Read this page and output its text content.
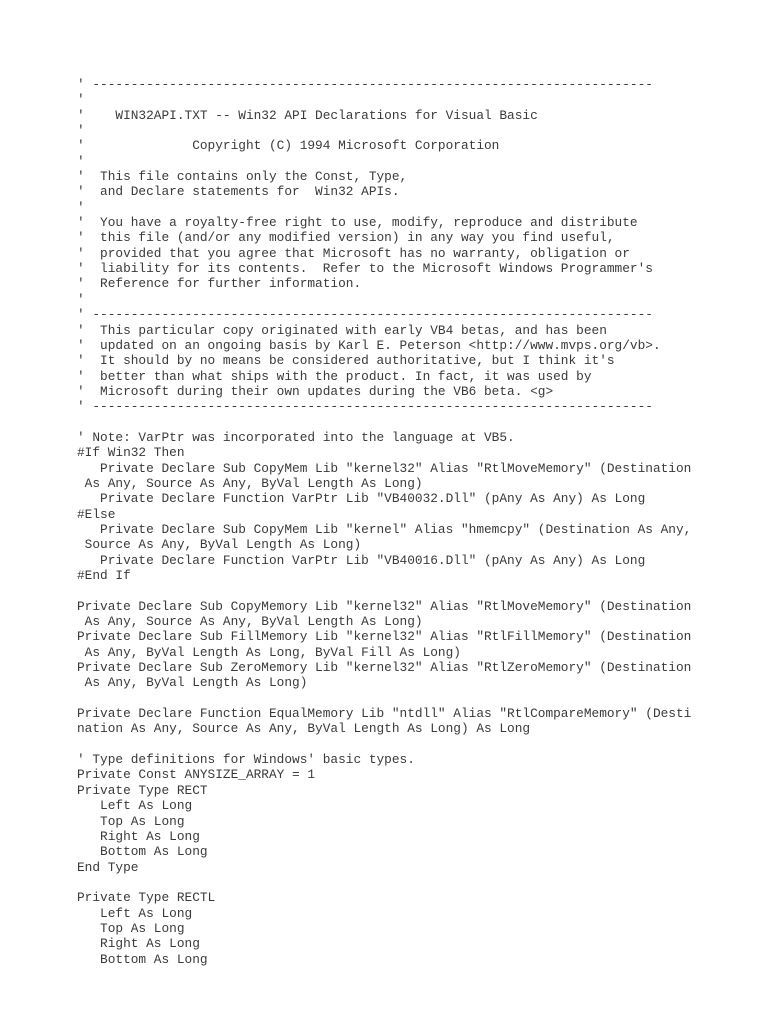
' -------------------------------------------------------------------------
'
'    WIN32API.TXT -- Win32 API Declarations for Visual Basic
'
'              Copyright (C) 1994 Microsoft Corporation
'
'  This file contains only the Const, Type,
'  and Declare statements for  Win32 APIs.
'
'  You have a royalty-free right to use, modify, reproduce and distribute
'  this file (and/or any modified version) in any way you find useful,
'  provided that you agree that Microsoft has no warranty, obligation or
'  liability for its contents.  Refer to the Microsoft Windows Programmer's
'  Reference for further information.
'
' -------------------------------------------------------------------------
'  This particular copy originated with early VB4 betas, and has been
'  updated on an ongoing basis by Karl E. Peterson <http://www.mvps.org/vb>.
'  It should by no means be considered authoritative, but I think it's
'  better than what ships with the product. In fact, it was used by
'  Microsoft during their own updates during the VB6 beta. <g>
' -------------------------------------------------------------------------
' Note: VarPtr was incorporated into the language at VB5.
#If Win32 Then
Private Declare Sub CopyMem Lib "kernel32" Alias "RtlMoveMemory" (Destination
As Any, Source As Any, ByVal Length As Long)
Private Declare Function VarPtr Lib "VB40032.Dll" (pAny As Any) As Long
#Else
Private Declare Sub CopyMem Lib "kernel" Alias "hmemcpy" (Destination As Any,
Source As Any, ByVal Length As Long)
Private Declare Function VarPtr Lib "VB40016.Dll" (pAny As Any) As Long
#End If
Private Declare Sub CopyMemory Lib "kernel32" Alias "RtlMoveMemory" (Destination
As Any, Source As Any, ByVal Length As Long)
Private Declare Sub FillMemory Lib "kernel32" Alias "RtlFillMemory" (Destination
As Any, ByVal Length As Long, ByVal Fill As Long)
Private Declare Sub ZeroMemory Lib "kernel32" Alias "RtlZeroMemory" (Destination
As Any, ByVal Length As Long)
Private Declare Function EqualMemory Lib "ntdll" Alias "RtlCompareMemory" (Desti
nation As Any, Source As Any, ByVal Length As Long) As Long
' Type definitions for Windows' basic types.
Private Const ANYSIZE_ARRAY = 1
Private Type RECT
Left As Long
Top As Long
Right As Long
Bottom As Long
End Type
Private Type RECTL
Left As Long
Top As Long
Right As Long
Bottom As Long
